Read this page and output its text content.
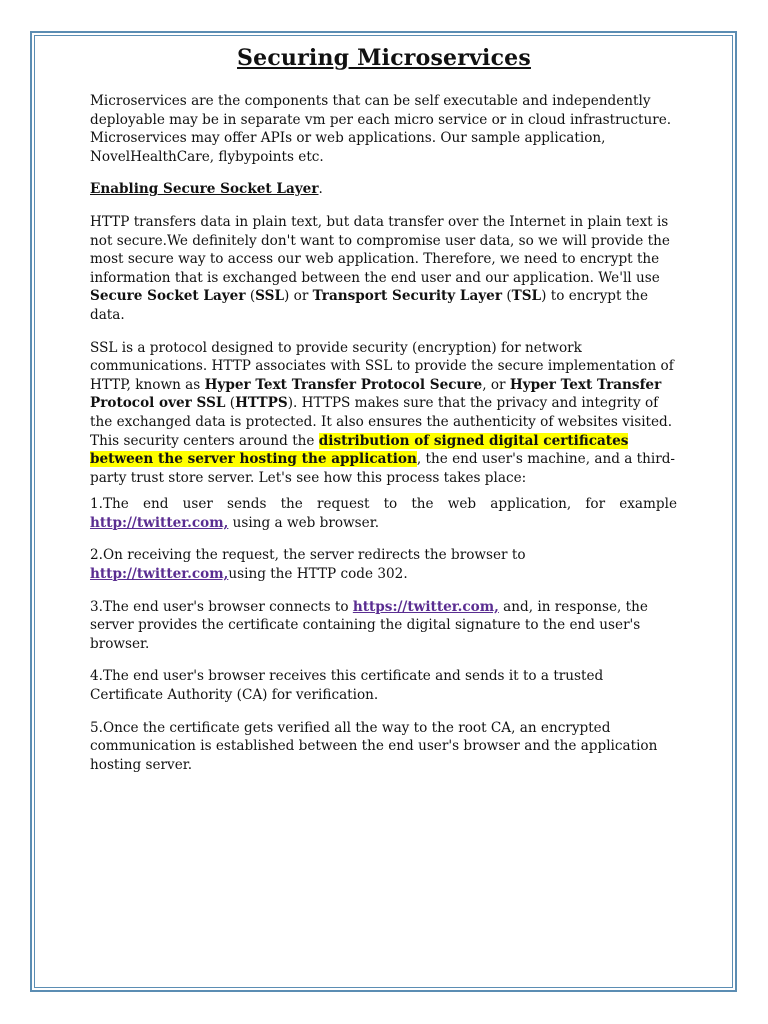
Securing Microservices

Microservices are the components that can be self executable and independently deployable may be in separate vm per each micro service or in cloud infrastructure. Microservices may offer APIs or web applications. Our sample application, NovelHealthCare, flybypoints etc.

Enabling Secure Socket Layer.

HTTP transfers data in plain text, but data transfer over the Internet in plain text is not secure.We definitely don't want to compromise user data, so we will provide the most secure way to access our web application. Therefore, we need to encrypt the information that is exchanged between the end user and our application. We'll use Secure Socket Layer (SSL) or Transport Security Layer (TSL) to encrypt the data.

SSL is a protocol designed to provide security (encryption) for network communications. HTTP associates with SSL to provide the secure implementation of HTTP, known as Hyper Text Transfer Protocol Secure, or Hyper Text Transfer Protocol over SSL (HTTPS). HTTPS makes sure that the privacy and integrity of the exchanged data is protected. It also ensures the authenticity of websites visited. This security centers around the distribution of signed digital certificates between the server hosting the application, the end user's machine, and a third-party trust store server. Let's see how this process takes place:

1.The end user sends the request to the web application, for example http://twitter.com, using a web browser.

2.On receiving the request, the server redirects the browser to http://twitter.com,using the HTTP code 302.

3.The end user's browser connects to https://twitter.com, and, in response, the server provides the certificate containing the digital signature to the end user's browser.

4.The end user's browser receives this certificate and sends it to a trusted Certificate Authority (CA) for verification.

5.Once the certificate gets verified all the way to the root CA, an encrypted communication is established between the end user's browser and the application hosting server.
